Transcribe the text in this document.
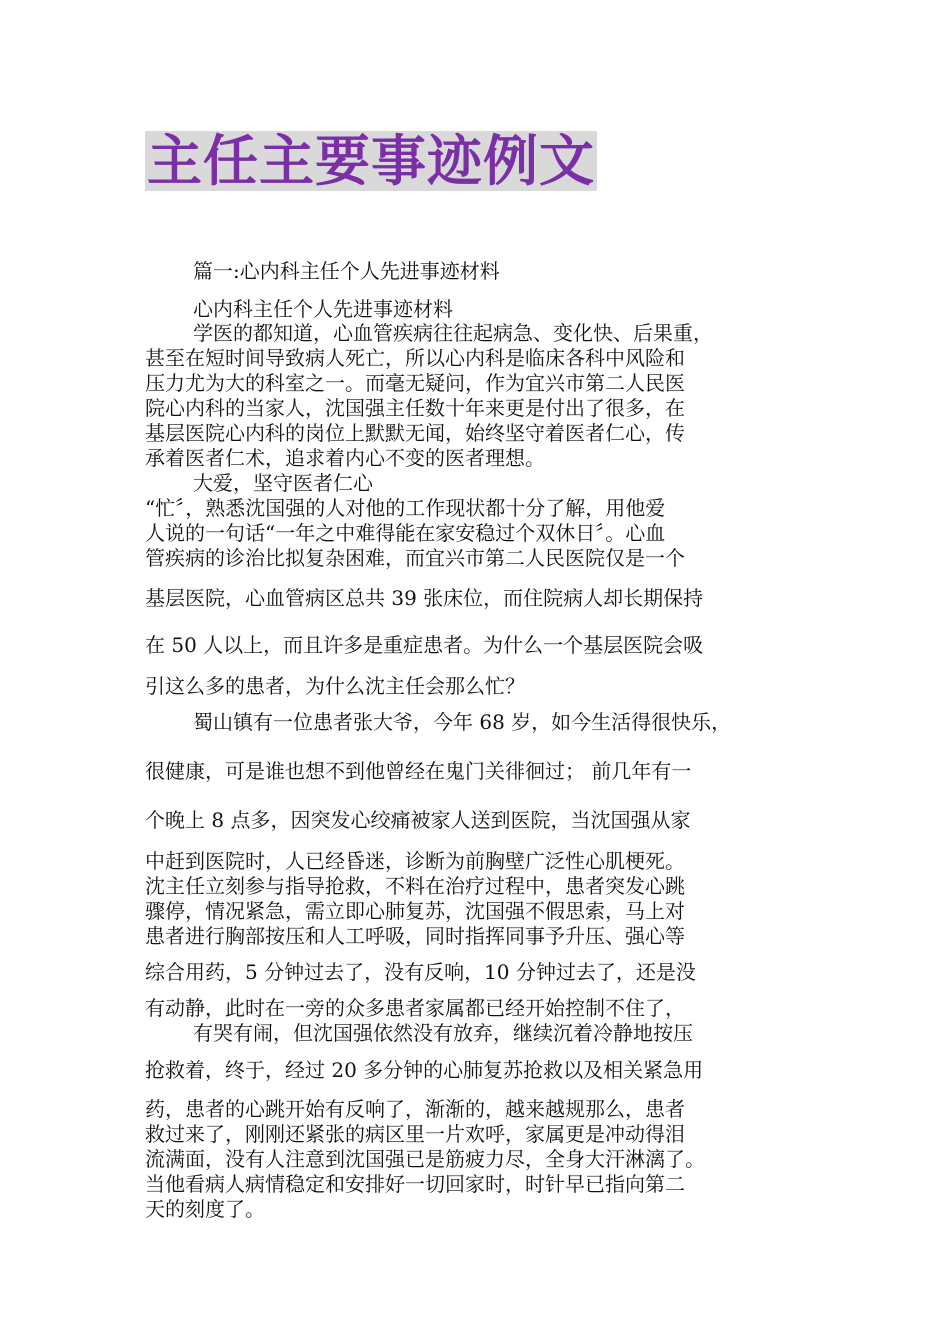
主任主要事迹例文

篇一:心内科主任个人先进事迹材料

心内科主任个人先进事迹材料

学医的都知道，心血管疾病往往起病急、变化快、后果重，

甚至在短时间导致病人死亡，所以心内科是临床各科中风险和

压力尤为大的科室之一。而毫无疑问，作为宜兴市第二人民医

院心内科的当家人，沈国强主任数十年来更是付出了很多，在

基层医院心内科的岗位上默默无闻，始终坚守着医者仁心，传

承着医者仁术，追求着内心不变的医者理想。

大爱，坚守医者仁心

“忙〞，熟悉沈国强的人对他的工作现状都十分了解，用他爱

人说的一句话“一年之中难得能在家安稳过个双休日〞。心血

管疾病的诊治比拟复杂困难，而宜兴市第二人民医院仅是一个

基层医院，心血管病区总共 39 张床位，而住院病人却长期保持

在 50 人以上，而且许多是重症患者。为什么一个基层医院会吸

引这么多的患者，为什么沈主任会那么忙？

蜀山镇有一位患者张大爷，今年 68 岁，如今生活得很快乐，

很健康，可是谁也想不到他曾经在鬼门关徘徊过； 前几年有一

个晚上 8 点多，因突发心绞痛被家人送到医院，当沈国强从家

中赶到医院时，人已经昏迷，诊断为前胸壁广泛性心肌梗死。

沈主任立刻参与指导抢救，不料在治疗过程中，患者突发心跳

骤停，情况紧急，需立即心肺复苏，沈国强不假思索，马上对

患者进行胸部按压和人工呼吸，同时指挥同事予升压、强心等

综合用药，5 分钟过去了，没有反响，10 分钟过去了，还是没

有动静，此时在一旁的众多患者家属都已经开始控制不住了，

有哭有闹，但沈国强依然没有放弃，继续沉着冷静地按压

抢救着，终于，经过 20 多分钟的心肺复苏抢救以及相关紧急用

药，患者的心跳开始有反响了，渐渐的，越来越规那么，患者

救过来了，刚刚还紧张的病区里一片欢呼，家属更是冲动得泪

流满面，没有人注意到沈国强已是筋疲力尽，全身大汗淋漓了。

当他看病人病情稳定和安排好一切回家时，时针早已指向第二

天的刻度了。
